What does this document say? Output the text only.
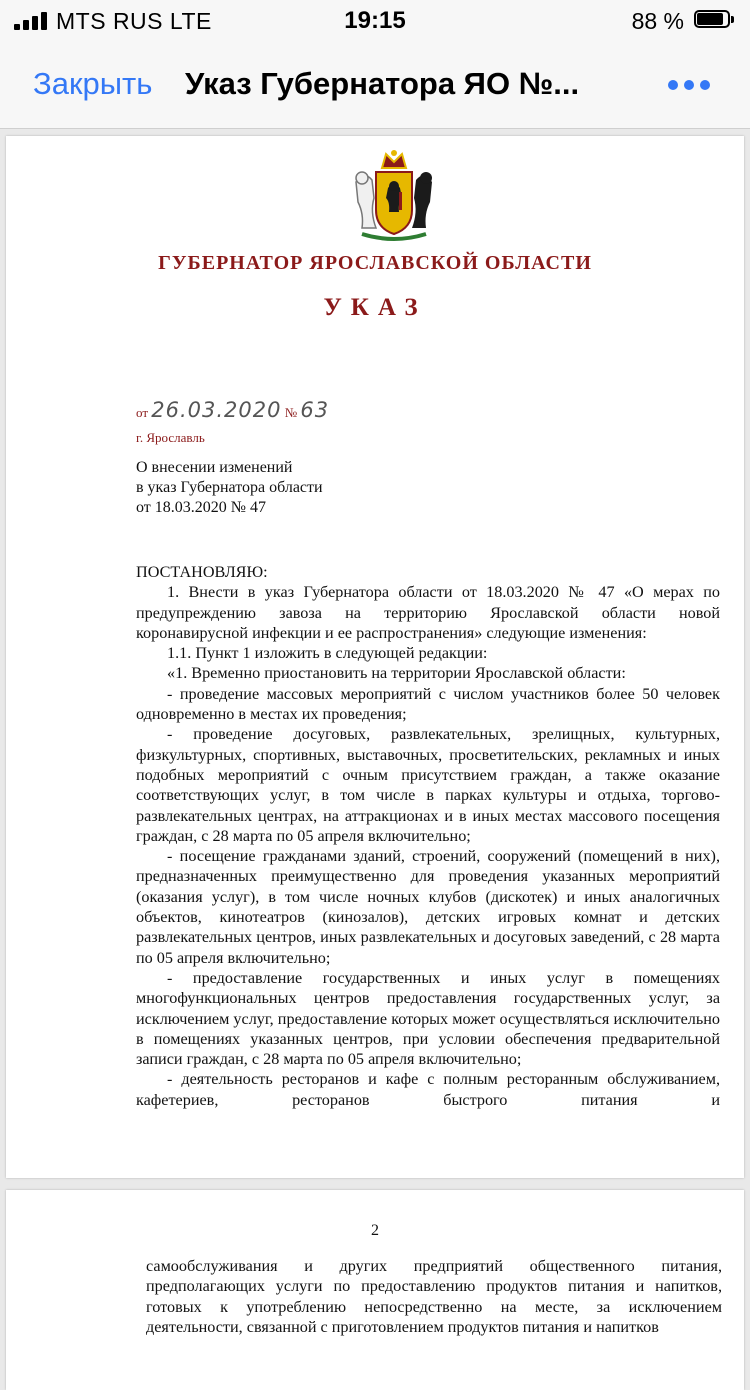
MTS RUS LTE	19:15	88 %
Закрыть Указ Губернатора ЯО №...
ГУБЕРНАТОР ЯРОСЛАВСКОЙ ОБЛАСТИ
УКАЗ
от 26.03.2020 № 63
г. Ярославль
О внесении изменений
в указ Губернатора области
от 18.03.2020 № 47

ПОСТАНОВЛЯЮ:

1. Внести в указ Губернатора области от 18.03.2020 № 47 «О мерах по предупреждению завоза на территорию Ярославской области новой коронавирусной инфекции и ее распространения» следующие изменения:

1.1. Пункт 1 изложить в следующей редакции:

«1. Временно приостановить на территории Ярославской области:

- проведение массовых мероприятий с числом участников более 50 человек одновременно в местах их проведения;

- проведение досуговых, развлекательных, зрелищных, культурных, физкультурных, спортивных, выставочных, просветительских, рекламных и иных подобных мероприятий с очным присутствием граждан, а также оказание соответствующих услуг, в том числе в парках культуры и отдыха, торгово-развлекательных центрах, на аттракционах и в иных местах массового посещения граждан, с 28 марта по 05 апреля включительно;

- посещение гражданами зданий, строений, сооружений (помещений в них), предназначенных преимущественно для проведения указанных мероприятий (оказания услуг), в том числе ночных клубов (дискотек) и иных аналогичных объектов, кинотеатров (кинозалов), детских игровых комнат и детских развлекательных центров, иных развлекательных и досуговых заведений, с 28 марта по 05 апреля включительно;

- предоставление государственных и иных услуг в помещениях многофункциональных центров предоставления государственных услуг, за исключением услуг, предоставление которых может осуществляться исключительно в помещениях указанных центров, при условии обеспечения предварительной записи граждан, с 28 марта по 05 апреля включительно;

- деятельность ресторанов и кафе с полным ресторанным обслуживанием, кафетериев, ресторанов быстрого питания и

2

самообслуживания и других предприятий общественного питания, предполагающих услуги по предоставлению продуктов питания и напитков, готовых к употреблению непосредственно на месте, за исключением деятельности, связанной с приготовлением продуктов питания и напитков
